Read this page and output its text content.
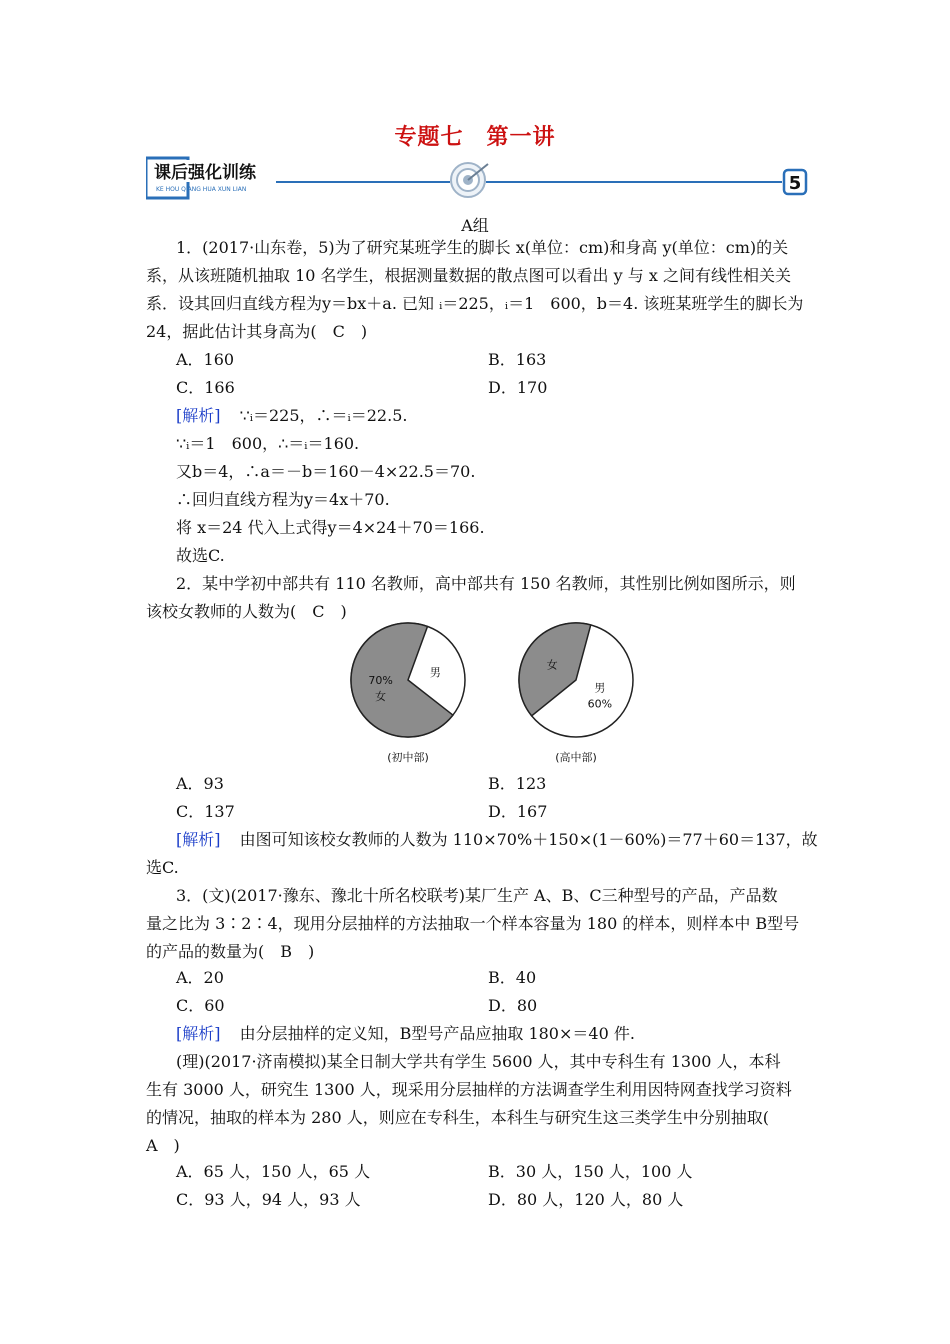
专题七　第一讲
课后强化训练
KE HOU QIANG HUA XUN LIAN	5
A组
1．(2017·山东卷，5)为了研究某班学生的脚长 x(单位：cm)和身高 y(单位：cm)的关
系，从该班随机抽取 10 名学生，根据测量数据的散点图可以看出 y 与 x 之间有线性相关关
系．设其回归直线方程为y＝bx＋a. 已知 ᵢ＝225，ᵢ＝1　600，b＝4. 该班某班学生的脚长为
24，据此估计其身高为(　C　)
A．160	B．163
C．166	D．170
[解析] ∵ᵢ＝225，∴＝ᵢ＝22.5.
∵ᵢ＝1　600，∴＝ᵢ＝160.
又b＝4，∴a＝－b＝160－4×22.5＝70.
∴回归直线方程为y＝4x＋70.
将 x＝24 代入上式得y＝4×24＋70＝166.
故选C.
2．某中学初中部共有 110 名教师，高中部共有 150 名教师，其性别比例如图所示，则
该校女教师的人数为(　C　)
70%
女
男
(初中部)
女
男
60%
(高中部)
A．93	B．123
C．137	D．167
[解析] 由图可知该校女教师的人数为 110×70%＋150×(1－60%)＝77＋60＝137，故
选C.
3．(文)(2017·豫东、豫北十所名校联考)某厂生产 A、B、C三种型号的产品，产品数
量之比为 3∶2∶4，现用分层抽样的方法抽取一个样本容量为 180 的样本，则样本中 B型号
的产品的数量为(　B　)
A．20	B．40
C．60	D．80
[解析] 由分层抽样的定义知，B型号产品应抽取 180×＝40 件.
(理)(2017·济南模拟)某全日制大学共有学生 5600 人，其中专科生有 1300 人，本科
生有 3000 人，研究生 1300 人，现采用分层抽样的方法调查学生利用因特网查找学习资料
的情况，抽取的样本为 280 人，则应在专科生，本科生与研究生这三类学生中分别抽取(
A　)
A．65 人，150 人，65 人	B．30 人，150 人，100 人
C．93 人，94 人，93 人	D．80 人，120 人，80 人
